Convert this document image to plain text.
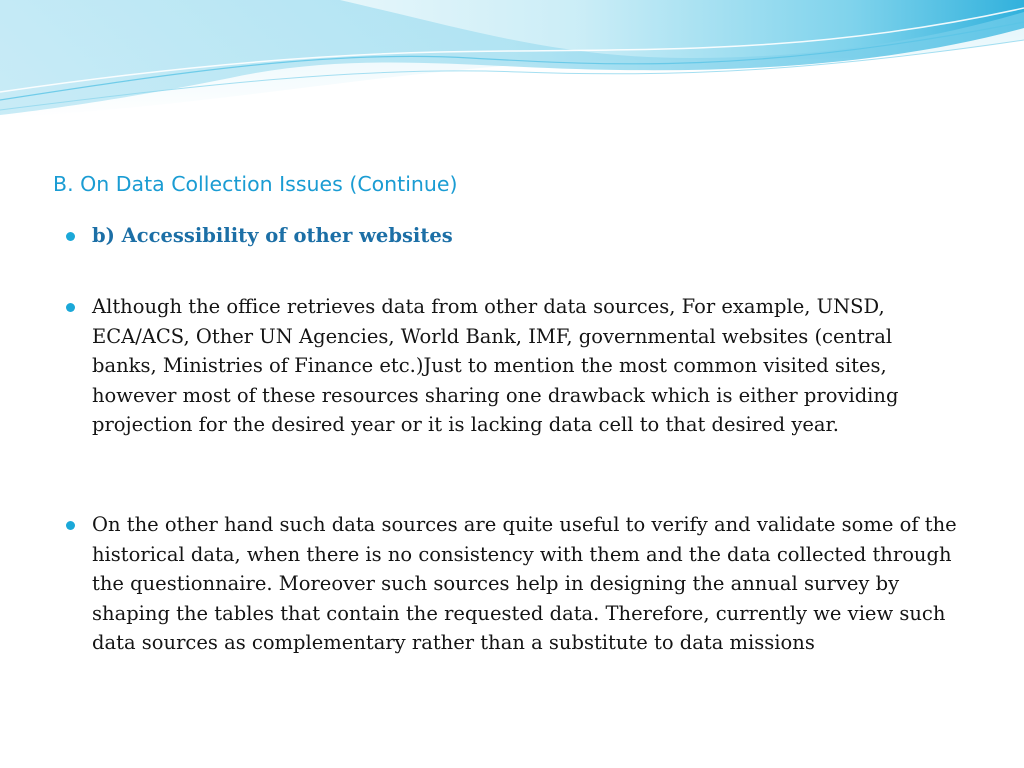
B. On Data Collection Issues (Continue)
b) Accessibility of other websites
Although the office retrieves data from other data sources, For example, UNSD, ECA/ACS, Other UN Agencies, World Bank, IMF, governmental websites (central banks, Ministries of Finance etc.)Just to mention the most common visited sites, however most of these resources sharing one drawback which is either providing projection for the desired year or it is lacking data cell to that desired year.
On the other hand such data sources are quite useful to verify and validate some of the historical data, when there is no consistency with them and the data collected through the questionnaire. Moreover such sources help in designing the annual survey by shaping the tables that contain the requested data. Therefore, currently we view such data sources as complementary rather than a substitute to data missions
